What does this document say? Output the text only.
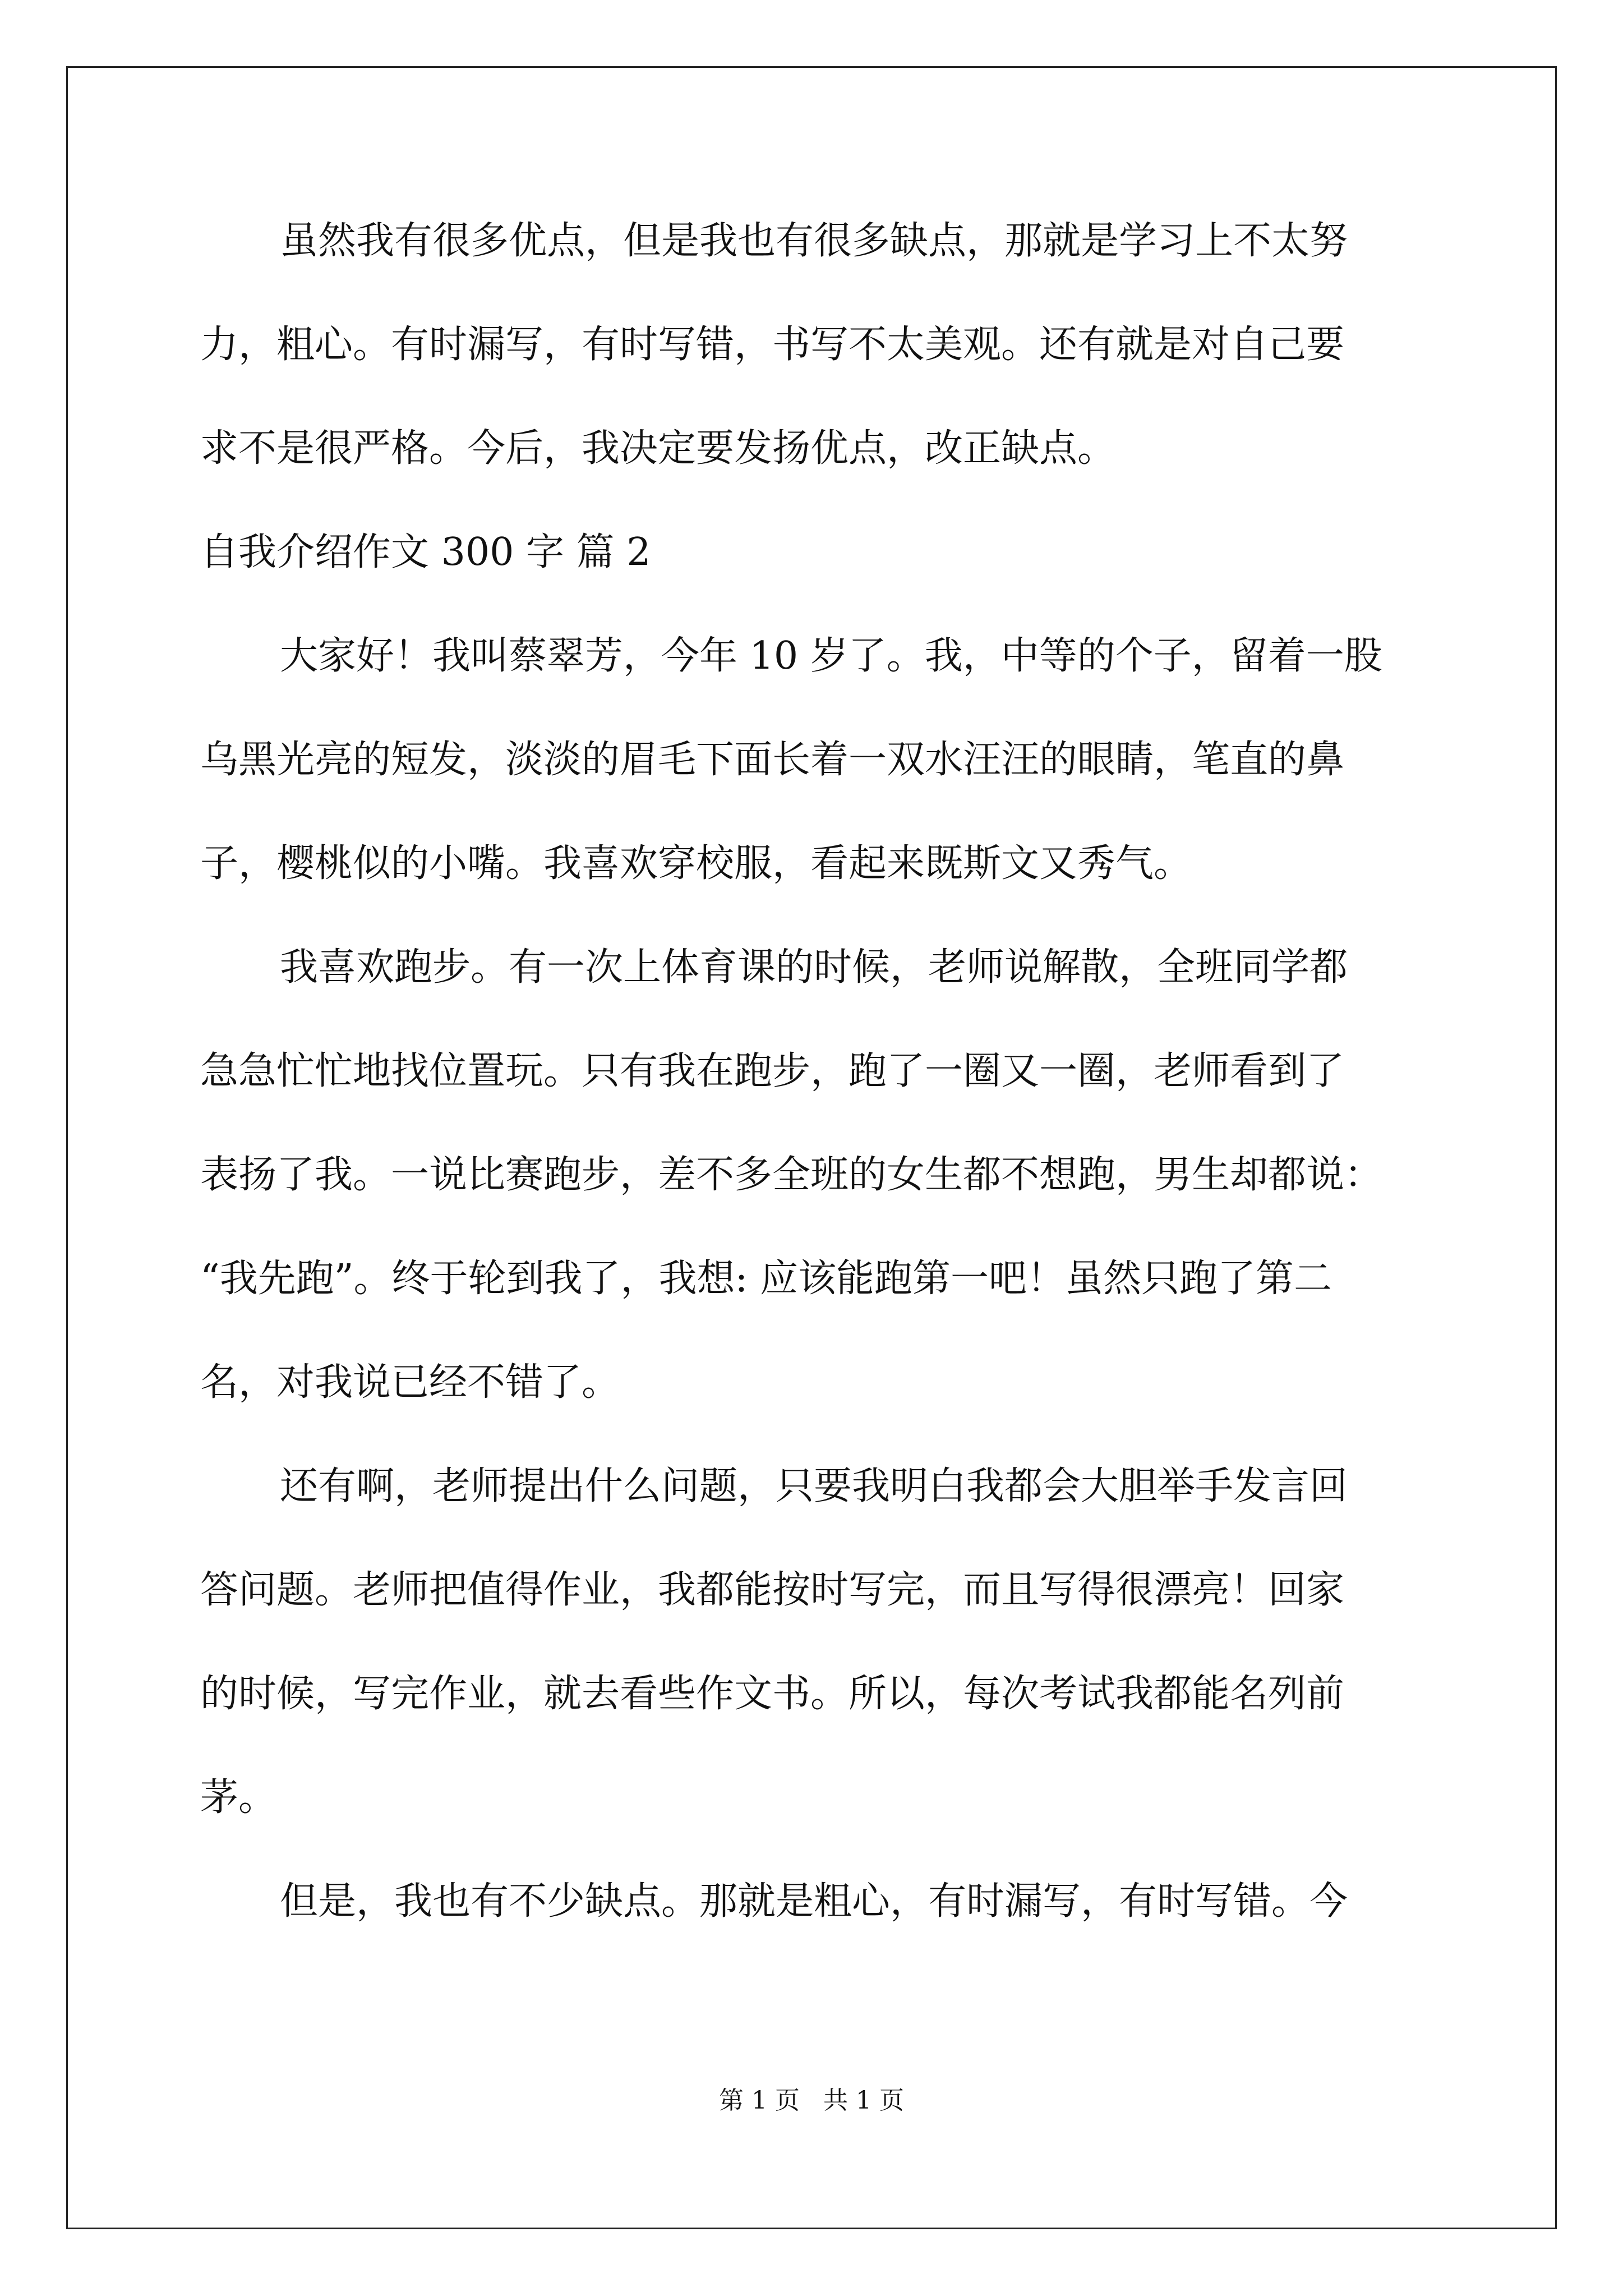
虽然我有很多优点，但是我也有很多缺点，那就是学习上不太努
力，粗心。有时漏写，有时写错，书写不太美观。还有就是对自己要
求不是很严格。今后，我决定要发扬优点，改正缺点。
自我介绍作文 300 字 篇 2
大家好！我叫蔡翠芳，今年 10 岁了。我，中等的个子，留着一股
乌黑光亮的短发，淡淡的眉毛下面长着一双水汪汪的眼睛，笔直的鼻
子，樱桃似的小嘴。我喜欢穿校服，看起来既斯文又秀气。
我喜欢跑步。有一次上体育课的时候，老师说解散，全班同学都
急急忙忙地找位置玩。只有我在跑步，跑了一圈又一圈，老师看到了
表扬了我。一说比赛跑步，差不多全班的女生都不想跑，男生却都说：
“我先跑”。终于轮到我了，我想: 应该能跑第一吧！虽然只跑了第二
名，对我说已经不错了。
还有啊，老师提出什么问题，只要我明白我都会大胆举手发言回
答问题。老师把值得作业，我都能按时写完，而且写得很漂亮！回家
的时候，写完作业，就去看些作文书。所以，每次考试我都能名列前
茅。
但是，我也有不少缺点。那就是粗心，有时漏写，有时写错。今
第 1 页   共 1 页
